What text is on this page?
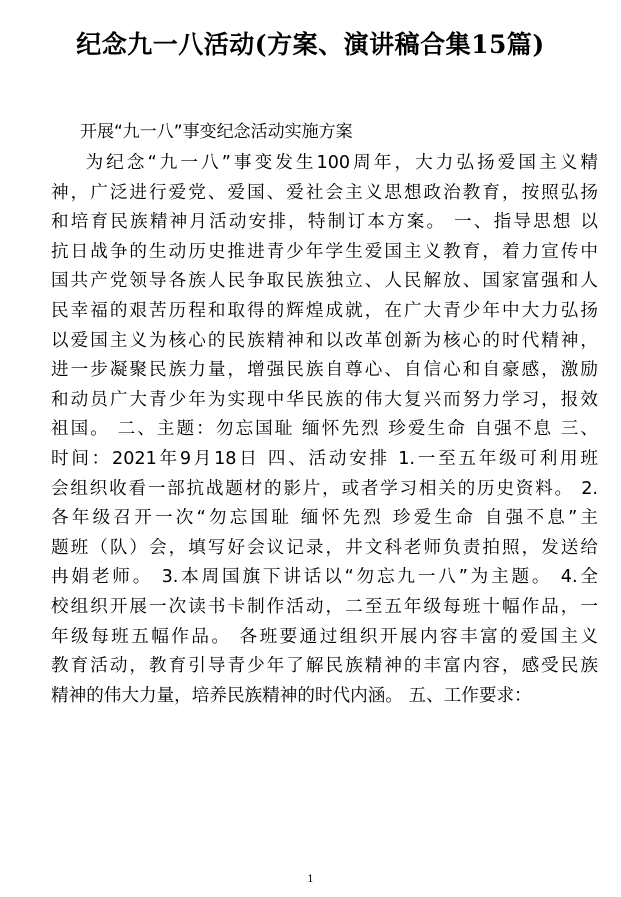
纪念九一八活动(方案、演讲稿合集15篇)
开展“九一八”事变纪念活动实施方案
为纪念“九一八”事变发生100周年，大力弘扬爱国主义精
神，广泛进行爱党、爱国、爱社会主义思想政治教育，按照弘扬
和培育民族精神月活动安排，特制订本方案。 一、指导思想 以
抗日战争的生动历史推进青少年学生爱国主义教育，着力宣传中
国共产党领导各族人民争取民族独立、人民解放、国家富强和人
民幸福的艰苦历程和取得的辉煌成就，在广大青少年中大力弘扬
以爱国主义为核心的民族精神和以改革创新为核心的时代精神，
进一步凝聚民族力量，增强民族自尊心、自信心和自豪感，激励
和动员广大青少年为实现中华民族的伟大复兴而努力学习，报效
祖国。 二、主题：勿忘国耻 缅怀先烈 珍爱生命 自强不息 三、
时间：2021年9月18日 四、活动安排 1.一至五年级可利用班
会组织收看一部抗战题材的影片，或者学习相关的历史资料。 2.
各年级召开一次“勿忘国耻 缅怀先烈 珍爱生命 自强不息”主
题班（队）会，填写好会议记录，井文科老师负责拍照，发送给
冉娟老师。 3.本周国旗下讲话以“勿忘九一八”为主题。 4.全
校组织开展一次读书卡制作活动，二至五年级每班十幅作品，一
年级每班五幅作品。 各班要通过组织开展内容丰富的爱国主义
教育活动，教育引导青少年了解民族精神的丰富内容，感受民族
精神的伟大力量，培养民族精神的时代内涵。 五、工作要求：
1
